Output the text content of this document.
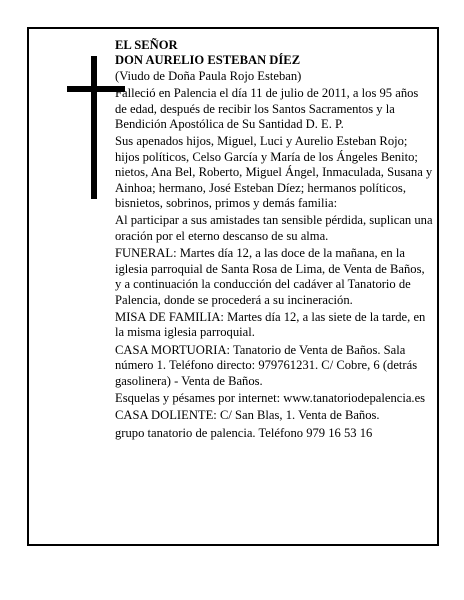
EL SEÑOR

DON AURELIO ESTEBAN DÍEZ

(Viudo de Doña Paula Rojo Esteban)

Falleció en Palencia el día 11 de julio de 2011, a los 95 años de edad, después de recibir los Santos Sacramentos y la Bendición Apostólica de Su Santidad D. E. P.

Sus apenados hijos, Miguel, Luci y Aurelio Esteban Rojo; hijos políticos, Celso García y María de los Ángeles Benito; nietos, Ana Bel, Roberto, Miguel Ángel, Inmaculada, Susana y Ainhoa; hermano, José Esteban Díez; hermanos políticos, bisnietos, sobrinos, primos y demás familia:

Al participar a sus amistades tan sensible pérdida, suplican una oración por el eterno descanso de su alma.

FUNERAL: Martes día 12, a las doce de la mañana, en la iglesia parroquial de Santa Rosa de Lima, de Venta de Baños, y a continuación la conducción del cadáver al Tanatorio de Palencia, donde se procederá a su incineración.

MISA DE FAMILIA: Martes día 12, a las siete de la tarde, en la misma iglesia parroquial.

CASA MORTUORIA: Tanatorio de Venta de Baños. Sala número 1. Teléfono directo: 979761231. C/ Cobre, 6 (detrás gasolinera) - Venta de Baños.

Esquelas y pésames por internet: www.tanatoriodepalencia.es

CASA DOLIENTE: C/ San Blas, 1. Venta de Baños.

grupo tanatorio de palencia. Teléfono 979 16 53 16
